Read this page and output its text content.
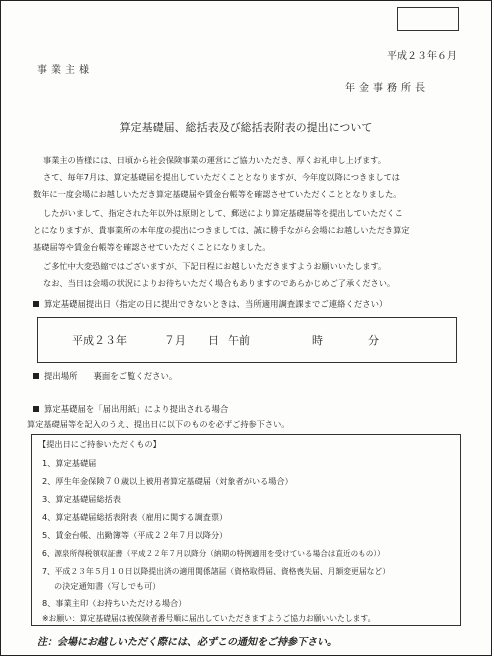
平成２３年６月
事業主様
年金事務所長
算定基礎届、総括表及び総括表附表の提出について
事業主の皆様には、日頃から社会保険事業の運営にご協力いただき、厚くお礼申し上げます。
さて、毎年7月は、算定基礎届を提出していただくこととなりますが、今年度以降につきましては
数年に一度会場にお越しいただき算定基礎届や賃金台帳等を確認させていただくこととなりました。
したがいまして、指定された年以外は原則として、郵送により算定基礎届等を提出していただくこ
とになりますが、貴事業所の本年度の提出につきましては、誠に勝手ながら会場にお越しいただき算定
基礎届等や賃金台帳等を確認させていただくことになりました。
ご多忙中大変恐縮ではございますが、下記日程にお越しいただきますようお願いいたします。
なお、当日は会場の状況によりお待ちいただく場合もありますのであらかじめご了承ください。
算定基礎届提出日（指定の日に提出できないときは、当所適用調査課までご連絡ください）
平成２３年	７月 日 午前	時	分
提出場所 裏面をご覧ください。
算定基礎届を「届出用紙」により提出される場合
算定基礎届等を記入のうえ、提出日に以下のものを必ずご持参下さい。
【提出日にご持参いただくもの】
1、算定基礎届
2、厚生年金保険７０歳以上被用者算定基礎届（対象者がいる場合）
3、算定基礎届総括表
4、算定基礎届総括表附表（雇用に関する調査票）
5、賃金台帳、出勤簿等（平成２２年７月以降分）
6、源泉所得税領収証書（平成２２年７月以降分（納期の特例適用を受けている場合は直近のもの））
7、平成２３年５月１０日以降提出済の適用関係諸届（資格取得届、資格喪失届、月額変更届など）
の決定通知書（写しでも可）
8、事業主印（お持ちいただける場合）
※お願い：算定基礎届は被保険者番号順に届出していただきますようご協力お願いいたします。
注：会場にお越しいただく際には、必ずこの通知をご持参下さい。
